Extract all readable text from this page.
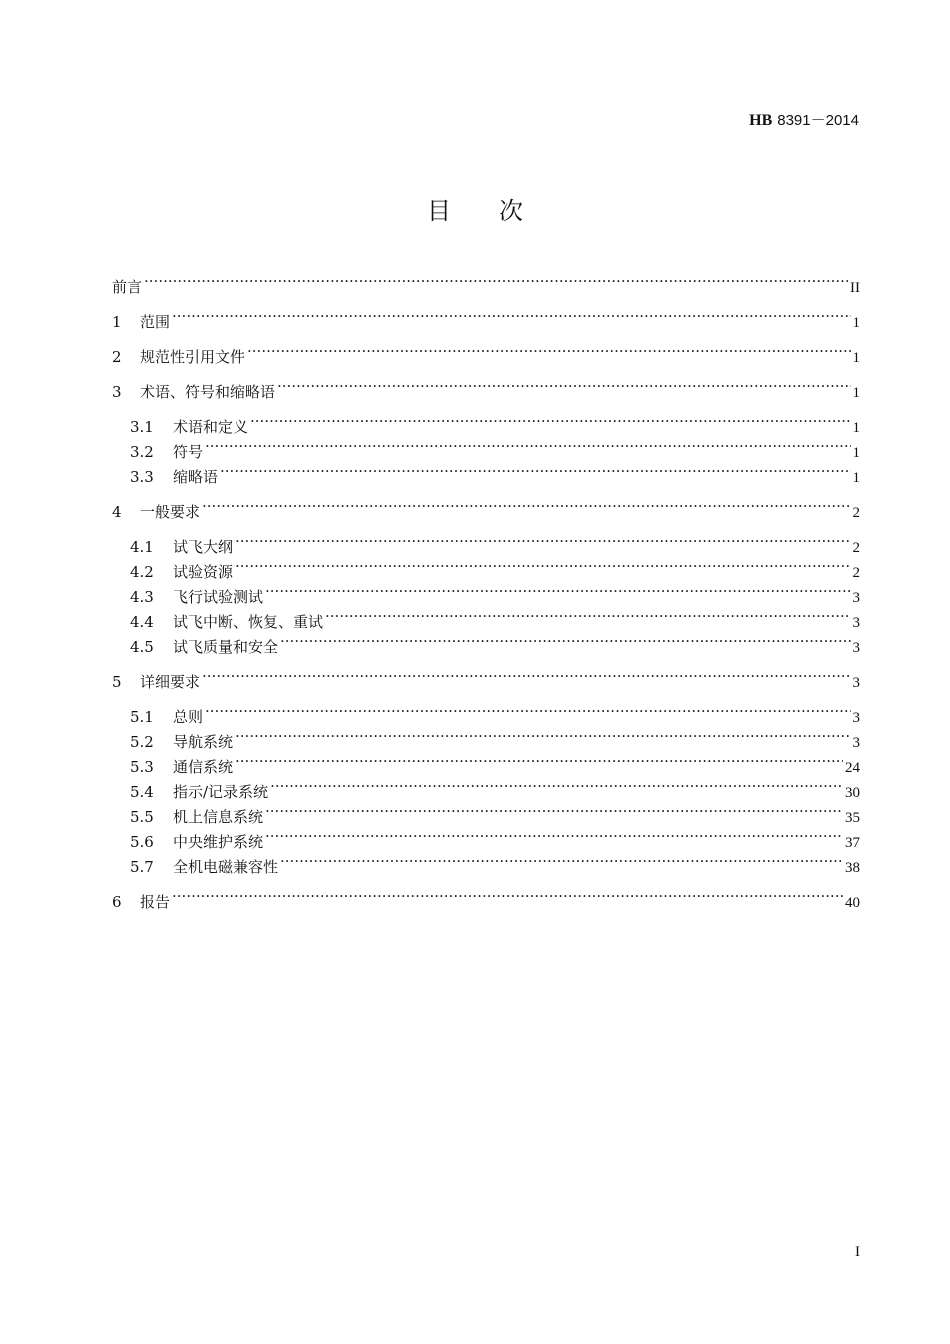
HB 8391－2014
目 次
前言 ·····	II
1	范围 ·····	1
2	规范性引用文件 ·····	1
3	术语、符号和缩略语 ·····	1
3.1	术语和定义 ·····	1
3.2	符号 ·····	1
3.3	缩略语 ·····	1
4	一般要求 ·····	2
4.1	试飞大纲 ·····	2
4.2	试验资源 ·····	2
4.3	飞行试验测试 ·····	3
4.4	试飞中断、恢复、重试 ·····	3
4.5	试飞质量和安全 ·····	3
5	详细要求 ·····	3
5.1	总则 ·····	3
5.2	导航系统 ·····	3
5.3	通信系统 ·····	24
5.4	指示/记录系统 ·····	30
5.5	机上信息系统 ·····	35
5.6	中央维护系统 ·····	37
5.7	全机电磁兼容性 ·····	38
6	报告 ·····	40
I
